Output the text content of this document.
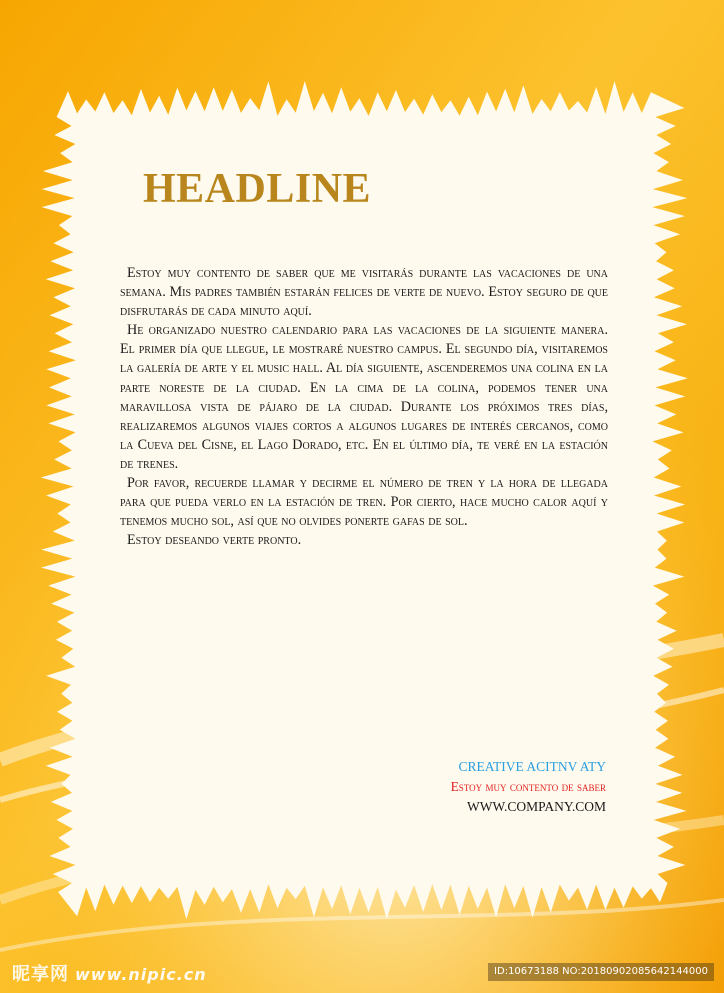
HEADLINE

Estoy muy contento de saber que me visitarás durante las vacaciones de una semana. Mis padres también estarán felices de verte de nuevo. Estoy seguro de que disfrutarás de cada minuto aquí.

He organizado nuestro calendario para las vacaciones de la siguiente manera. El primer día que llegue, le mostraré nuestro campus. El segundo día, visitaremos la galería de arte y el music hall. Al día siguiente, ascenderemos una colina en la parte noreste de la ciudad. En la cima de la colina, podemos tener una maravillosa vista de pájaro de la ciudad. Durante los próximos tres días, realizaremos algunos viajes cortos a algunos lugares de interés cercanos, como la Cueva del Cisne, el Lago Dorado, etc. En el último día, te veré en la estación de trenes.

Por favor, recuerde llamar y decirme el número de tren y la hora de llegada para que pueda verlo en la estación de tren. Por cierto, hace mucho calor aquí y tenemos mucho sol, así que no olvides ponerte gafas de sol.

Estoy deseando verte pronto.

CREATIVE ACITNV ATY
Estoy muy contento de saber
WWW.COMPANY.COM
昵享网 www.nipic.cn	ID:10673188 NO:20180902085642144000
